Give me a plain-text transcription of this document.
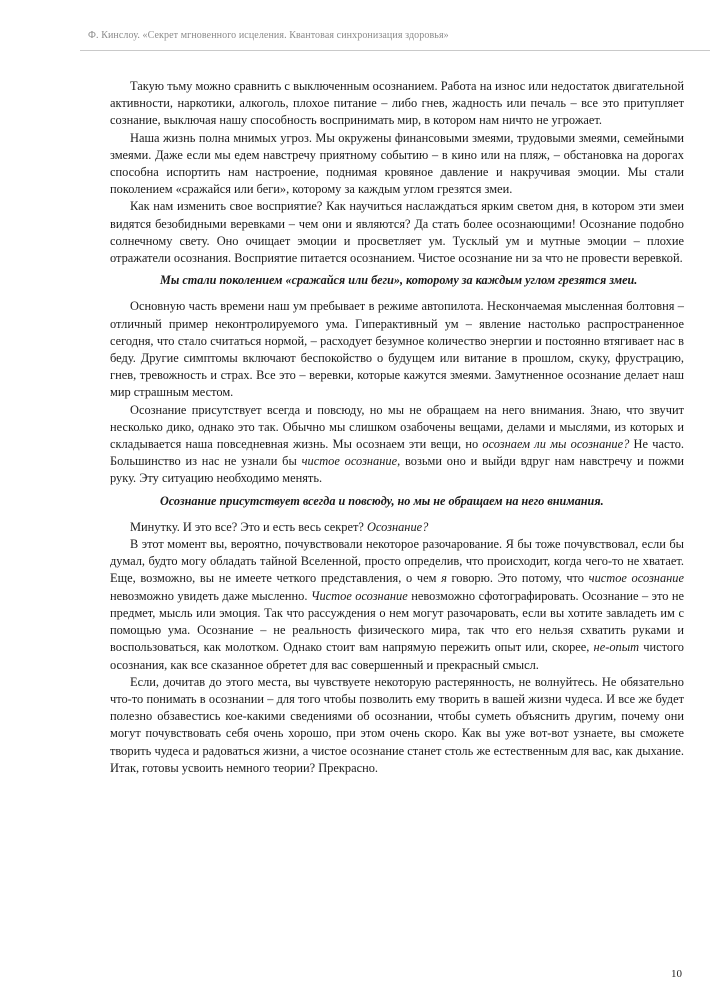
Ф. Кинслоу. «Секрет мгновенного исцеления. Квантовая синхронизация здоровья»

Такую тьму можно сравнить с выключенным осознанием. Работа на износ или недостаток двигательной активности, наркотики, алкоголь, плохое питание – либо гнев, жадность или печаль – все это притупляет сознание, выключая нашу способность воспринимать мир, в котором нам ничто не угрожает.

Наша жизнь полна мнимых угроз. Мы окружены финансовыми змеями, трудовыми змеями, семейными змеями. Даже если мы едем навстречу приятному событию – в кино или на пляж, – обстановка на дорогах способна испортить нам настроение, поднимая кровяное давление и накручивая эмоции. Мы стали поколением «сражайся или беги», которому за каждым углом грезятся змеи.

Как нам изменить свое восприятие? Как научиться наслаждаться ярким светом дня, в котором эти змеи видятся безобидными веревками – чем они и являются? Да стать более осознающими! Осознание подобно солнечному свету. Оно очищает эмоции и просветляет ум. Тусклый ум и мутные эмоции – плохие отражатели осознания. Восприятие питается осознанием. Чистое осознание ни за что не провести веревкой.

Мы стали поколением «сражайся или беги», которому за каждым углом грезятся змеи.

Основную часть времени наш ум пребывает в режиме автопилота. Нескончаемая мысленная болтовня – отличный пример неконтролируемого ума. Гиперактивный ум – явление настолько распространенное сегодня, что стало считаться нормой, – расходует безумное количество энергии и постоянно втягивает нас в беду. Другие симптомы включают беспокойство о будущем или витание в прошлом, скуку, фрустрацию, гнев, тревожность и страх. Все это – веревки, которые кажутся змеями. Замутненное осознание делает наш мир страшным местом.

Осознание присутствует всегда и повсюду, но мы не обращаем на него внимания. Знаю, что звучит несколько дико, однако это так. Обычно мы слишком озабочены вещами, делами и мыслями, из которых и складывается наша повседневная жизнь. Мы осознаем эти вещи, но осознаем ли мы осознание? Не часто. Большинство из нас не узнали бы чистое осознание, возьми оно и выйди вдруг нам навстречу и пожми руку. Эту ситуацию необходимо менять.

Осознание присутствует всегда и повсюду, но мы не обращаем на него внимания.

Минутку. И это все? Это и есть весь секрет? Осознание?

В этот момент вы, вероятно, почувствовали некоторое разочарование. Я бы тоже почувствовал, если бы думал, будто могу обладать тайной Вселенной, просто определив, что происходит, когда чего-то не хватает. Еще, возможно, вы не имеете четкого представления, о чем я говорю. Это потому, что чистое осознание невозможно увидеть даже мысленно. Чистое осознание невозможно сфотографировать. Осознание – это не предмет, мысль или эмоция. Так что рассуждения о нем могут разочаровать, если вы хотите завладеть им с помощью ума. Осознание – не реальность физического мира, так что его нельзя схватить руками и воспользоваться, как молотком. Однако стоит вам напрямую пережить опыт или, скорее, не-опыт чистого осознания, как все сказанное обретет для вас совершенный и прекрасный смысл.

Если, дочитав до этого места, вы чувствуете некоторую растерянность, не волнуйтесь. Не обязательно что-то понимать в осознании – для того чтобы позволить ему творить в вашей жизни чудеса. И все же будет полезно обзавестись кое-какими сведениями об осознании, чтобы суметь объяснить другим, почему они могут почувствовать себя очень хорошо, при этом очень скоро. Как вы уже вот-вот узнаете, вы сможете творить чудеса и радоваться жизни, а чистое осознание станет столь же естественным для вас, как дыхание. Итак, готовы усвоить немного теории? Прекрасно.

10
